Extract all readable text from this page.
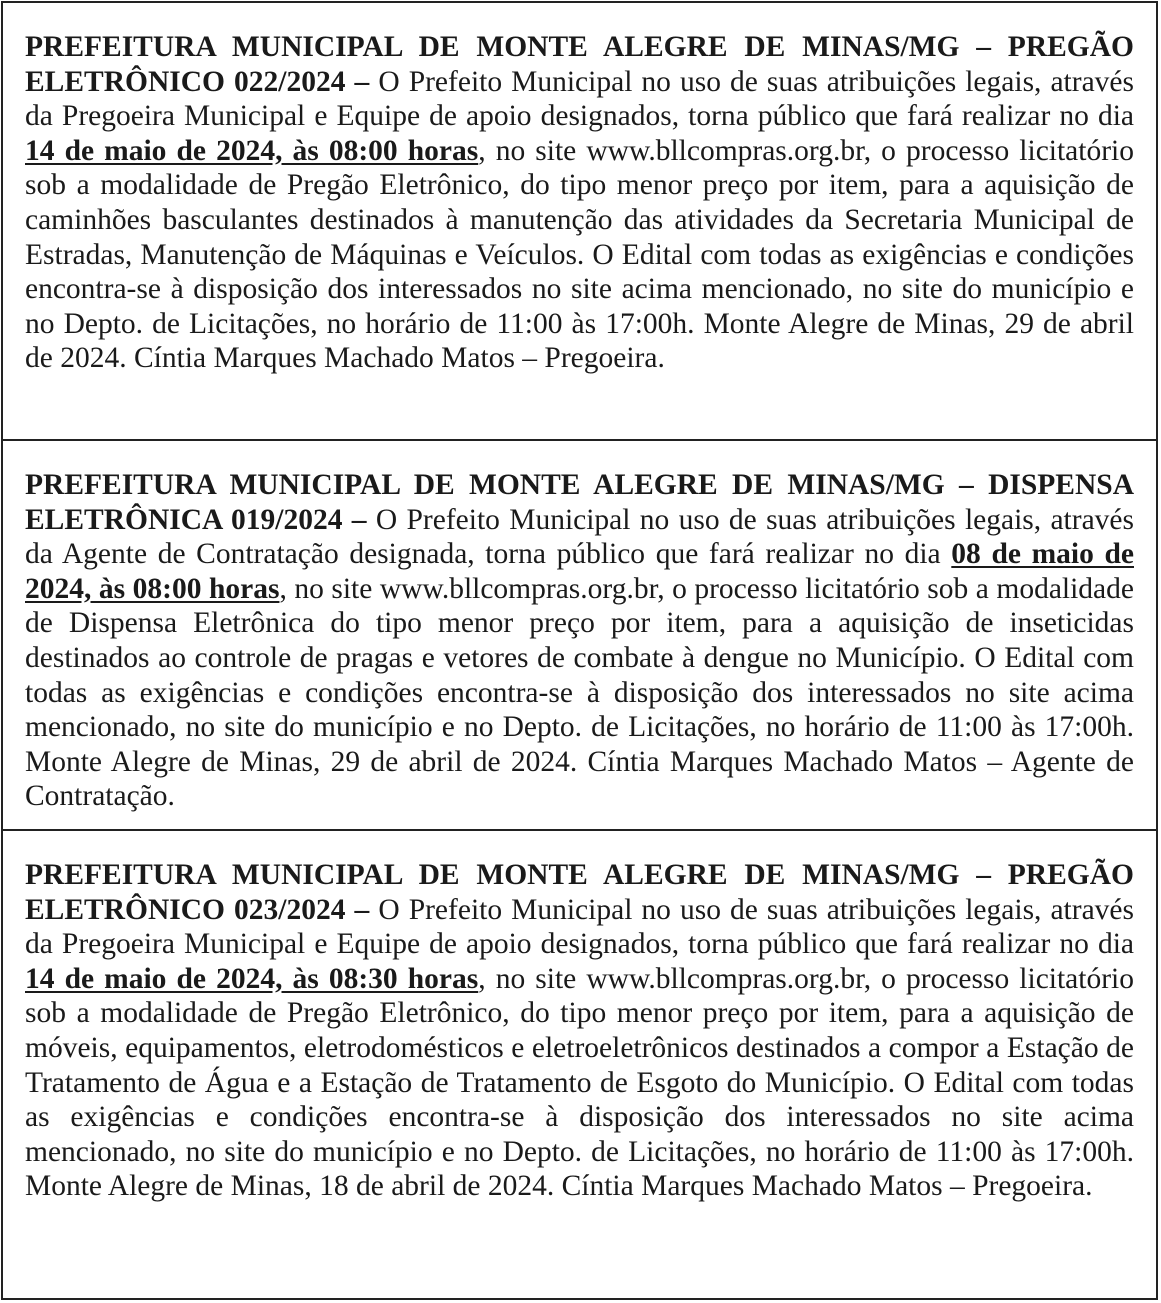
PREFEITURA MUNICIPAL DE MONTE ALEGRE DE MINAS/MG – PREGÃO ELETRÔNICO 022/2024 – O Prefeito Municipal no uso de suas atribuições legais, através da Pregoeira Municipal e Equipe de apoio designados, torna público que fará realizar no dia 14 de maio de 2024, às 08:00 horas, no site www.bllcompras.org.br, o processo licitatório sob a modalidade de Pregão Eletrônico, do tipo menor preço por item, para a aquisição de caminhões basculantes destinados à manutenção das atividades da Secretaria Municipal de Estradas, Manutenção de Máquinas e Veículos. O Edital com todas as exigências e condições encontra-se à disposição dos interessados no site acima mencionado, no site do município e no Depto. de Licitações, no horário de 11:00 às 17:00h. Monte Alegre de Minas, 29 de abril de 2024. Cíntia Marques Machado Matos – Pregoeira.
PREFEITURA MUNICIPAL DE MONTE ALEGRE DE MINAS/MG – DISPENSA ELETRÔNICA 019/2024 – O Prefeito Municipal no uso de suas atribuições legais, através da Agente de Contratação designada, torna público que fará realizar no dia 08 de maio de 2024, às 08:00 horas, no site www.bllcompras.org.br, o processo licitatório sob a modalidade de Dispensa Eletrônica do tipo menor preço por item, para a aquisição de inseticidas destinados ao controle de pragas e vetores de combate à dengue no Município. O Edital com todas as exigências e condições encontra-se à disposição dos interessados no site acima mencionado, no site do município e no Depto. de Licitações, no horário de 11:00 às 17:00h. Monte Alegre de Minas, 29 de abril de 2024. Cíntia Marques Machado Matos – Agente de Contratação.
PREFEITURA MUNICIPAL DE MONTE ALEGRE DE MINAS/MG – PREGÃO ELETRÔNICO 023/2024 – O Prefeito Municipal no uso de suas atribuições legais, através da Pregoeira Municipal e Equipe de apoio designados, torna público que fará realizar no dia 14 de maio de 2024, às 08:30 horas, no site www.bllcompras.org.br, o processo licitatório sob a modalidade de Pregão Eletrônico, do tipo menor preço por item, para a aquisição de móveis, equipamentos, eletrodomésticos e eletroeletrônicos destinados a compor a Estação de Tratamento de Água e a Estação de Tratamento de Esgoto do Município. O Edital com todas as exigências e condições encontra-se à disposição dos interessados no site acima mencionado, no site do município e no Depto. de Licitações, no horário de 11:00 às 17:00h. Monte Alegre de Minas, 18 de abril de 2024. Cíntia Marques Machado Matos – Pregoeira.
